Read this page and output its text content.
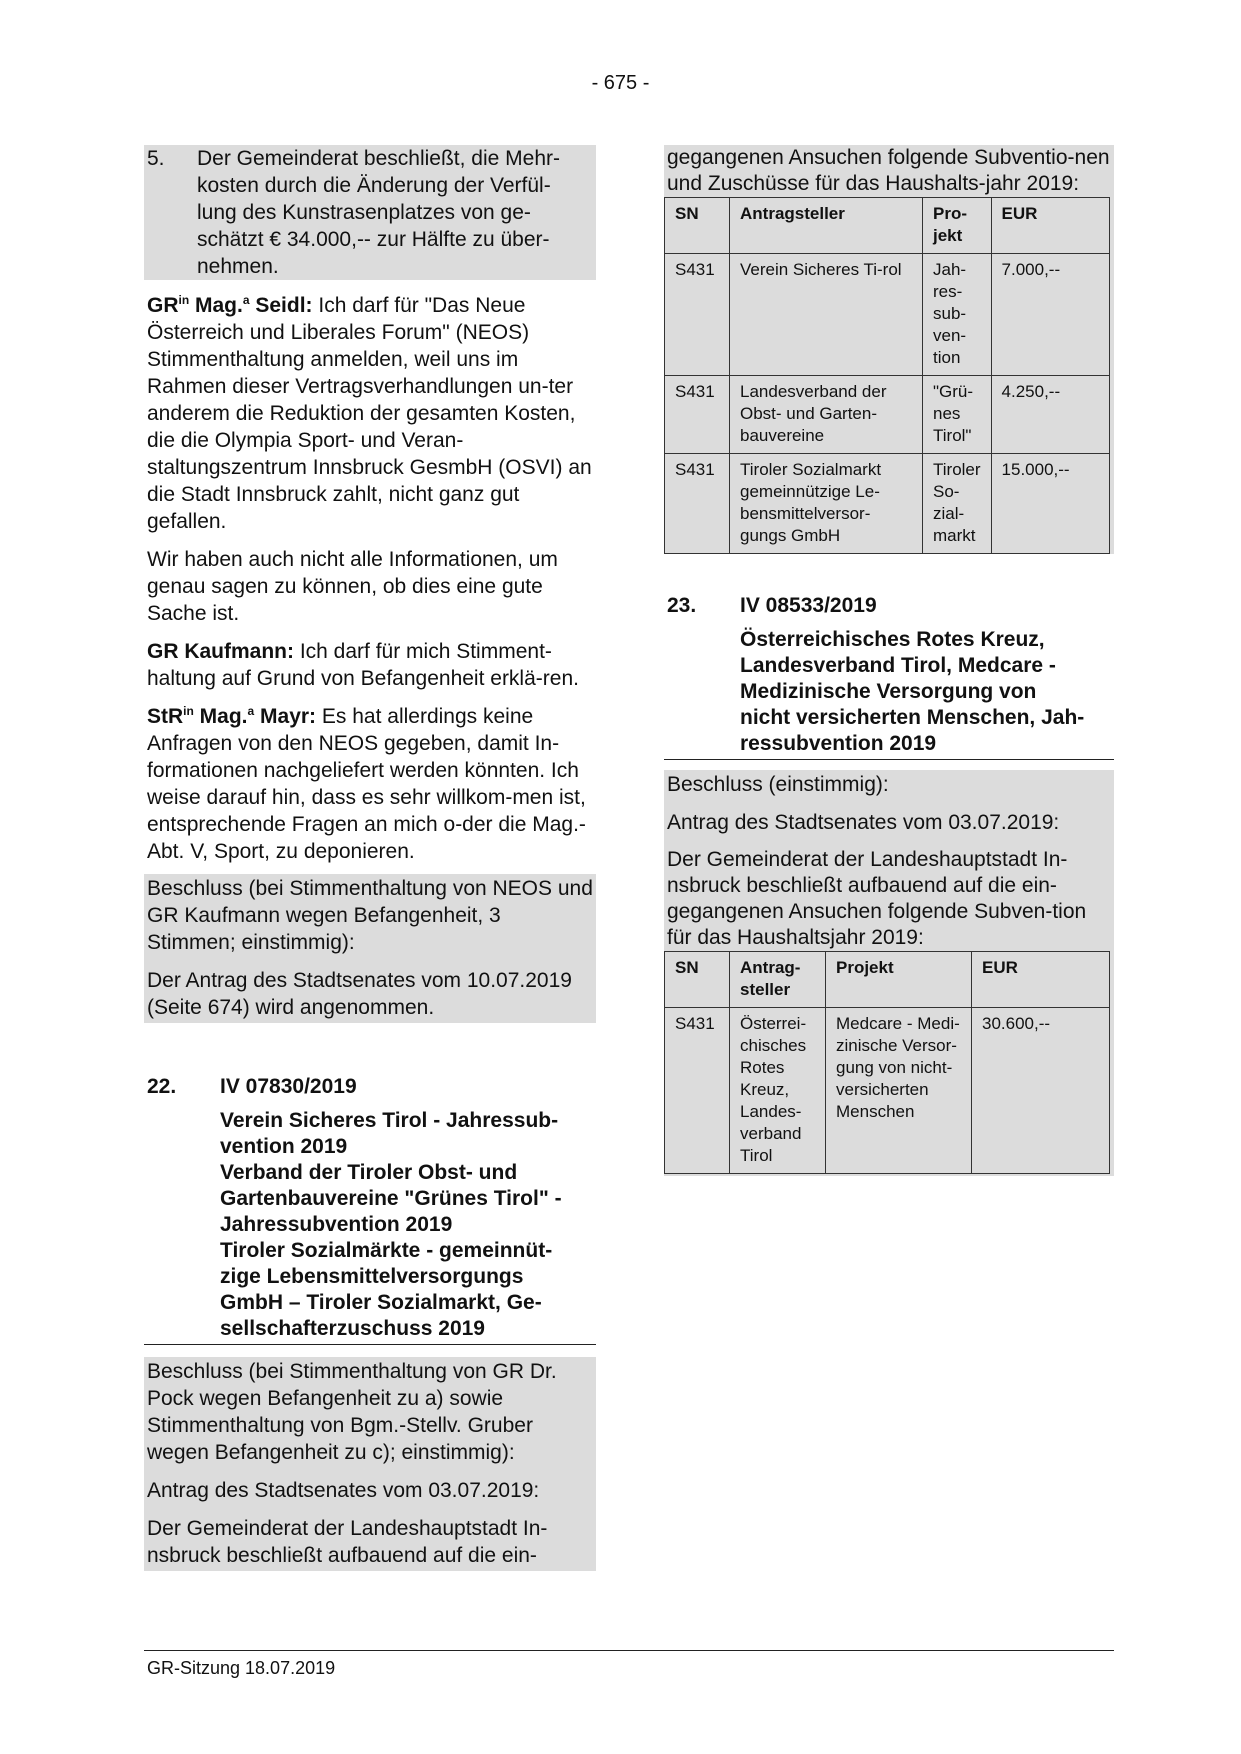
- 675 -
5.	Der Gemeinderat beschließt, die Mehr-kosten durch die Änderung der Verfül-lung des Kunstrasenplatzes von ge-schätzt € 34.000,-- zur Hälfte zu über-nehmen.
$GR^{in}$ Mag.$^a$ Seidl: Ich darf für "Das Neue Österreich und Liberales Forum" (NEOS) Stimmenthaltung anmelden, weil uns im Rahmen dieser Vertragsverhandlungen un-ter anderem die Reduktion der gesamten Kosten, die die Olympia Sport- und Veran-staltungszentrum Innsbruck GesmbH (OSVI) an die Stadt Innsbruck zahlt, nicht ganz gut gefallen.
Wir haben auch nicht alle Informationen, um genau sagen zu können, ob dies eine gute Sache ist.
GR Kaufmann: Ich darf für mich Stimment-haltung auf Grund von Befangenheit erklä-ren.
StR$^{in}$ Mag.$^a$ Mayr: Es hat allerdings keine Anfragen von den NEOS gegeben, damit In-formationen nachgeliefert werden könnten. Ich weise darauf hin, dass es sehr willkom-men ist, entsprechende Fragen an mich o-der die Mag.-Abt. V, Sport, zu deponieren.
Beschluss (bei Stimmenthaltung von NEOS und GR Kaufmann wegen Befangenheit, 3 Stimmen; einstimmig):
Der Antrag des Stadtsenates vom 10.07.2019 (Seite 674) wird angenommen.
22.	IV 07830/2019
Verein Sicheres Tirol - Jahressub-
vention 2019
Verband der Tiroler Obst- und
Gartenbauvereine "Grünes Tirol" -
Jahressubvention 2019
Tiroler Sozialmärkte - gemeinnüt-
zige Lebensmittelversorgungs
GmbH – Tiroler Sozialmarkt, Ge-
sellschafterzuschuss 2019
Beschluss (bei Stimmenthaltung von GR Dr. Pock wegen Befangenheit zu a) sowie Stimmenthaltung von Bgm.-Stellv. Gruber wegen Befangenheit zu c); einstimmig):
Antrag des Stadtsenates vom 03.07.2019:
Der Gemeinderat der Landeshauptstadt In-nsbruck beschließt aufbauend auf die ein-
gegangenen Ansuchen folgende Subventio-nen und Zuschüsse für das Haushalts-jahr 2019:
SN	Antragsteller	Pro-jekt	EUR
S431	Verein Sicheres Ti-rol	Jah-res-sub-ven-tion	7.000,--
S431	Landesverband der Obst- und Garten-bauvereine	"Grü-nes Tirol"	4.250,--
S431	Tiroler Sozialmarkt gemeinnützige Le-bensmittelversor-gungs GmbH	Tiroler So-zial-markt	15.000,--
23.	IV 08533/2019
Österreichisches Rotes Kreuz,
Landesverband Tirol, Medcare -
Medizinische Versorgung von
nicht versicherten Menschen, Jah-
ressubvention 2019
Beschluss (einstimmig):
Antrag des Stadtsenates vom 03.07.2019:
Der Gemeinderat der Landeshauptstadt In-nsbruck beschließt aufbauend auf die ein-gegangenen Ansuchen folgende Subven-tion für das Haushaltsjahr 2019:
SN	Antrag-steller	Projekt	EUR
S431	Österrei-chisches Rotes Kreuz, Landes-verband Tirol	Medcare - Medi-zinische Versor-gung von nicht-versicherten Menschen	30.600,--
GR-Sitzung 18.07.2019
